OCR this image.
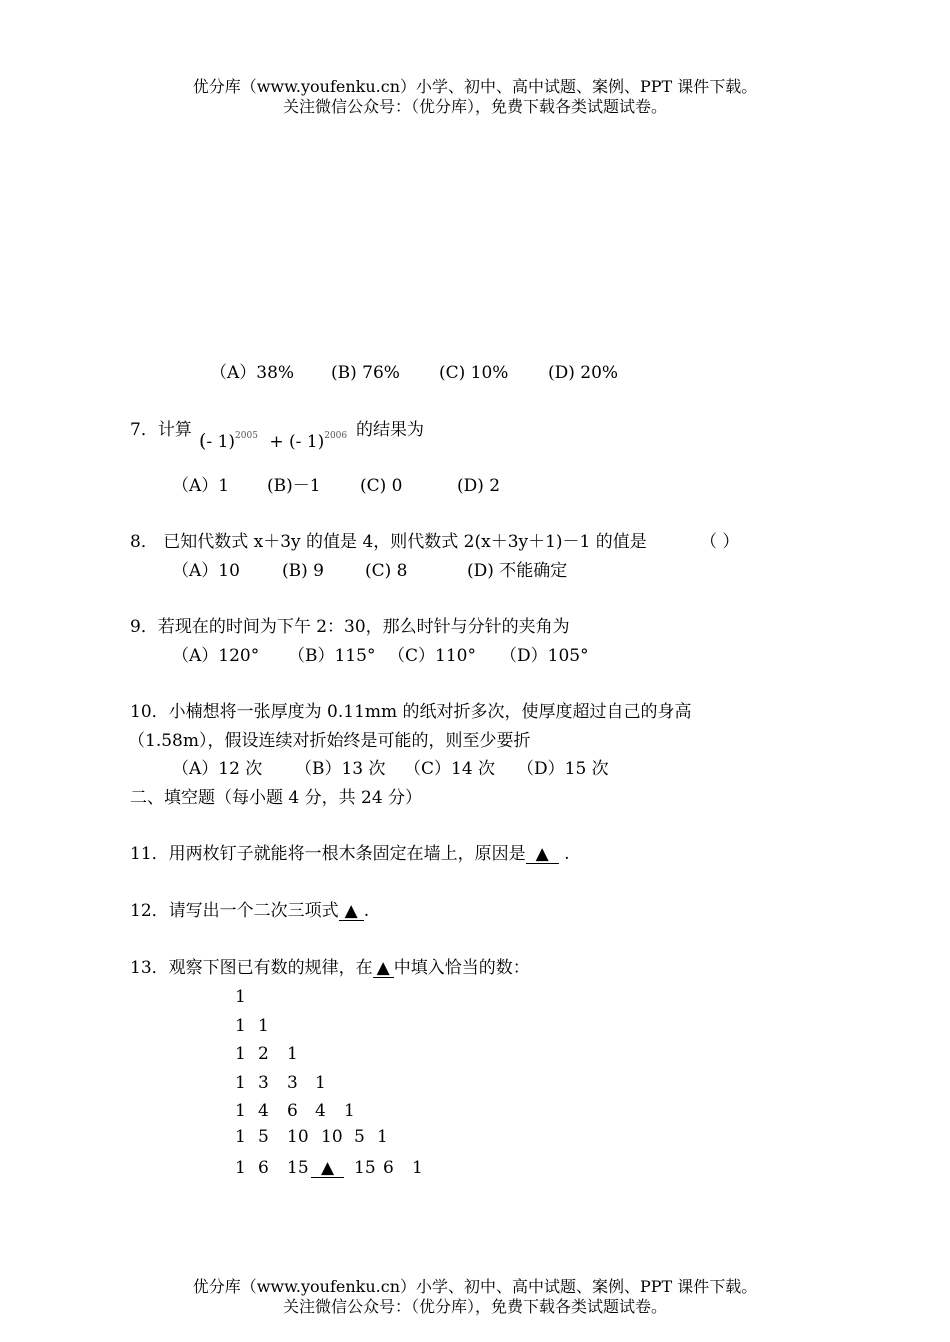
优分库（www.youfenku.cn）小学、初中、高中试题、案例、PPT 课件下载。
关注微信公众号：（优分库），免费下载各类试题试卷。
（A）38% (B) 76% (C) 10% (D) 20%
7．计算 (- 1)$^{2005}$ + (- 1)$^{2006}$ 的结果为
（A）1 (B)－1 (C) 0	(D) 2
8． 已知代数式 x＋3y 的值是 4，则代数式 2(x＋3y＋1)－1 的值是	（ ）
（A）10 (B) 9 (C) 8	(D) 不能确定
9．若现在的时间为下午 2：30，那么时针与分针的夹角为
（A）120° （B）115° （C）110° （D）105°
10．小楠想将一张厚度为 0.11mm 的纸对折多次，使厚度超过自己的身高
（1.58m），假设连续对折始终是可能的，则至少要折
（A）12 次 （B）13 次 （C）14 次 （D）15 次
二、填空题（每小题 4 分，共 24 分）
11．用两枚钉子就能将一根木条固定在墙上，原因是 ▲ .
12．请写出一个二次三项式 ▲ .
13．观察下图已有数的规律，在 ▲ 中填入恰当的数：
1
1 1
1 2 1
1 3 3 1
1 4 6 4 1
1 5 10 10 5 1
1 6 15 ▲ 15 6 1
优分库（www.youfenku.cn）小学、初中、高中试题、案例、PPT 课件下载。
关注微信公众号：（优分库），免费下载各类试题试卷。
